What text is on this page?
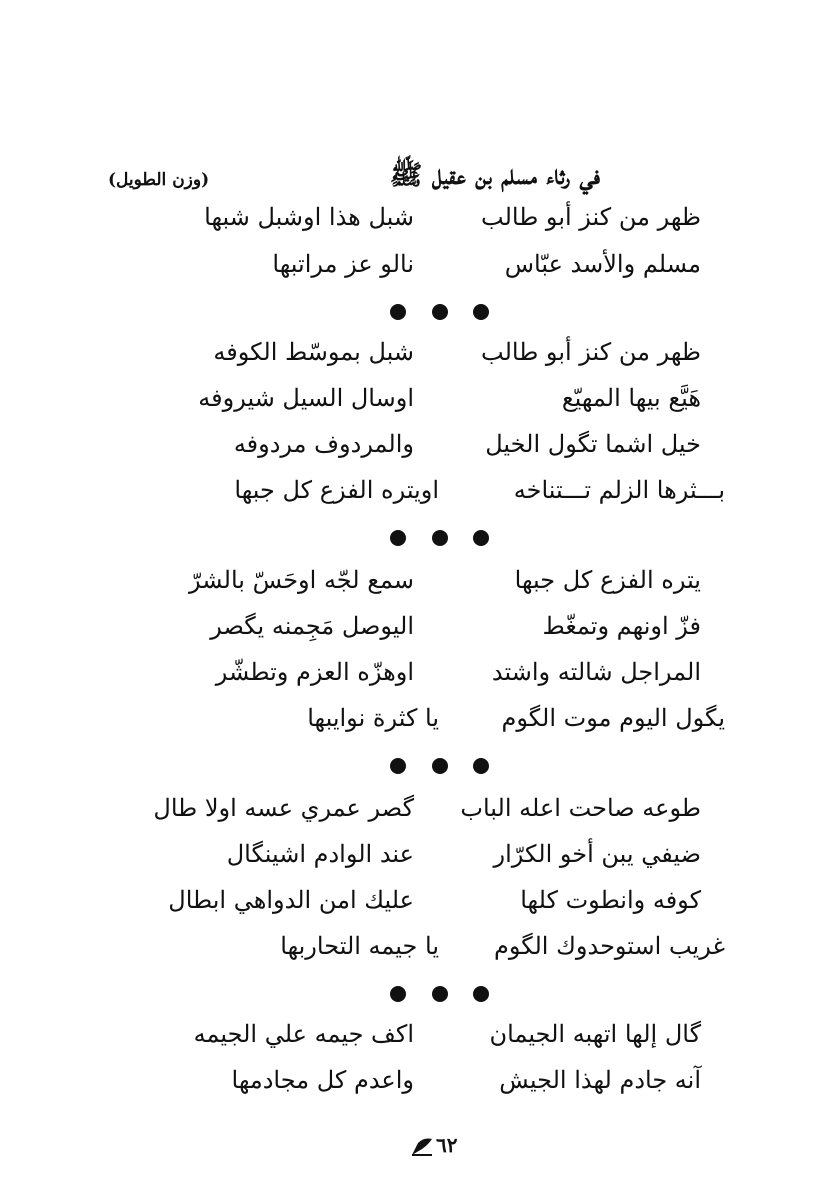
(وزن الطويل)	في رثاء مسلم بن عقيل ﷺ
ظهر من كنز أبو طالب
شبل هذا اوشبل شبها
مسلم والأسد عبّاس
نالو عز مراتبها
ظهر من كنز أبو طالب
شبل بموسّط الكوفه
هَيَّع بيها المهيّع
اوسال السيل شيروفه
خيل اشما تگول الخيل
والمردوف مردوفه
بـــثرها الزلم تـــتناخه
اويتره الفزع كل جبها
يتره الفزع كل جبها
سمع لجّه اوحَسّ بالشرّ
فزّ اونهم وتمغّط
اليوصل مَجِمنه يگصر
المراجل شالته واشتد
اوهزّه العزم وتطشّر
يگول اليوم موت الگوم
يا كثرة نوايبها
طوعه صاحت اعله الباب
گصر عمري عسه اولا طال
ضيفي يبن أخو الكرّار
عند الوادم اشينگال
كوفه وانطوت كلها
عليك امن الدواهي ابطال
غريب استوحدوك الگوم
يا جيمه التحاربها
گال إلها اتهبه الجيمان
اكف جيمه علي الجيمه
آنه جادم لهذا الجيش
واعدم كل مجادمها
٦٢
